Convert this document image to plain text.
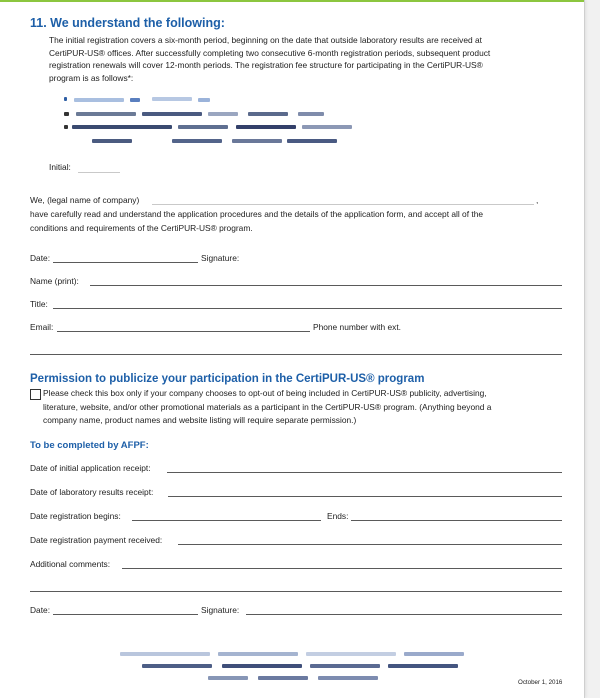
11. We understand the following:
The initial registration covers a six-month period, beginning on the date that outside laboratory results are received at
CertiPUR-US® offices. After successfully completing two consecutive 6-month registration periods, subsequent product
registration renewals will cover 12-month periods. The registration fee structure for participating in the CertiPUR-US®
program is as follows*:
Initial:
We, (legal name of company)	,
have carefully read and understand the application procedures and the details of the application form, and accept all of the
conditions and requirements of the CertiPUR-US® program.
Date:	Signature:
Name (print):
Title:
Email:	Phone number with ext.
Permission to publicize your participation in the CertiPUR-US® program
Please check this box only if your company chooses to opt-out of being included in CertiPUR-US® publicity, advertising,
literature, website, and/or other promotional materials as a participant in the CertiPUR-US® program. (Anything beyond a
company name, product names and website listing will require separate permission.)
To be completed by AFPF:
Date of initial application receipt:
Date of laboratory results receipt:
Date registration begins:	Ends:
Date registration payment received:
Additional comments:
Date:	Signature:
October 1, 2016
